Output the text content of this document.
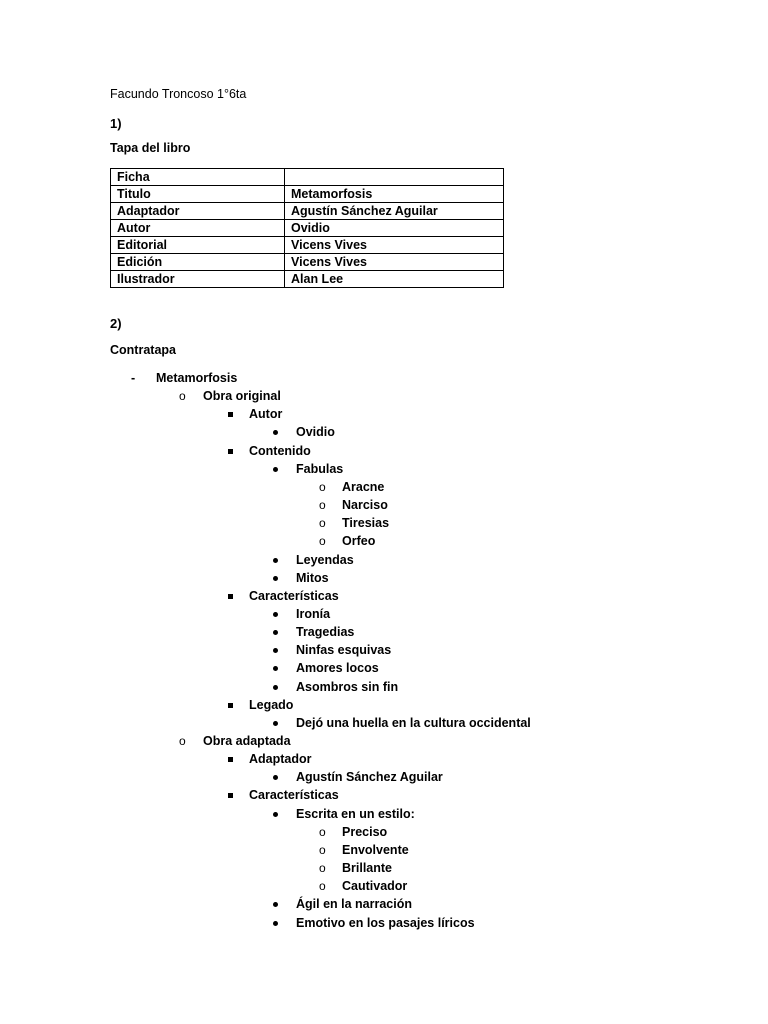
Facundo Troncoso 1°6ta
1)
Tapa del libro
Ficha	
Titulo	Metamorfosis
Adaptador	Agustín Sánchez Aguilar
Autor	Ovidio
Editorial	Vicens Vives
Edición	Vicens Vives
Ilustrador	Alan Lee
2)
Contratapa
- Metamorfosis
o Obra original
Autor
Ovidio
Contenido
Fabulas
o Aracne
o Narciso
o Tiresias
o Orfeo
Leyendas
Mitos
Características
Ironía
Tragedias
Ninfas esquivas
Amores locos
Asombros sin fin
Legado
Dejó una huella en la cultura occidental
o Obra adaptada
Adaptador
Agustín Sánchez Aguilar
Características
Escrita en un estilo:
o Preciso
o Envolvente
o Brillante
o Cautivador
Ágil en la narración
Emotivo en los pasajes líricos
